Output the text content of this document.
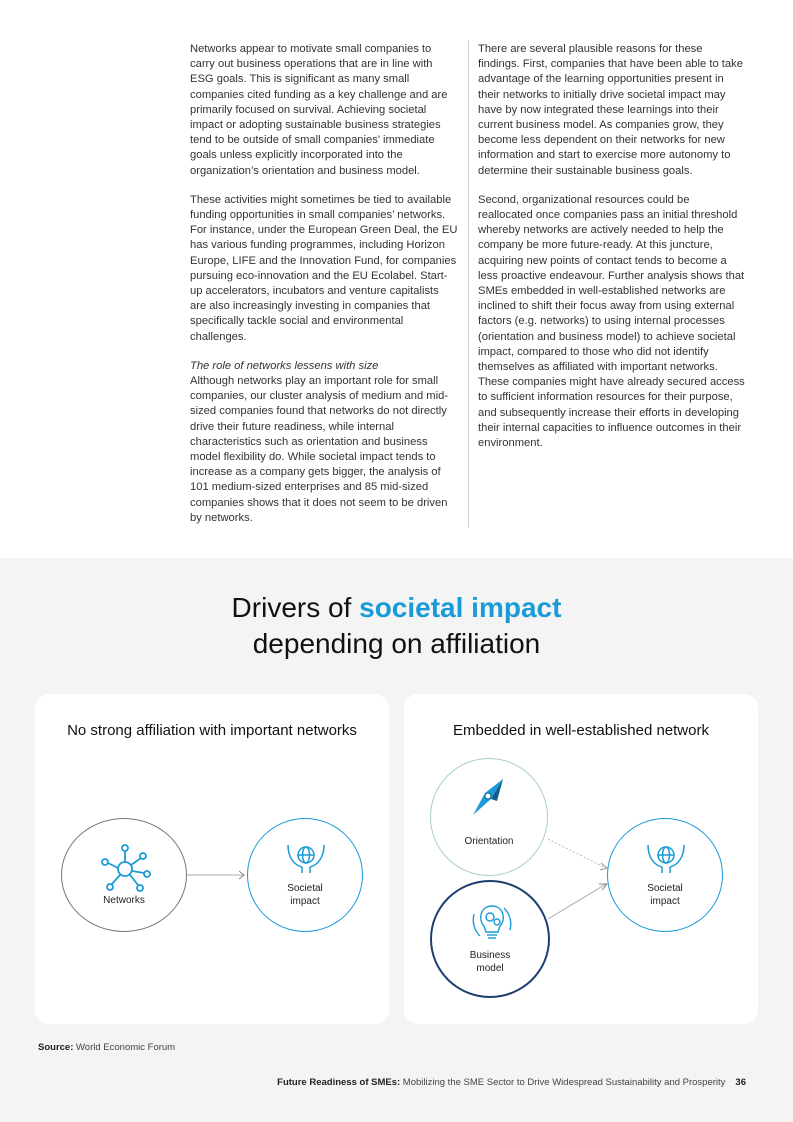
Networks appear to motivate small companies to carry out business operations that are in line with ESG goals. This is significant as many small companies cited funding as a key challenge and are primarily focused on survival. Achieving societal impact or adopting sustainable business strategies tend to be outside of small companies’ immediate goals unless explicitly incorporated into the organization’s orientation and business model.

These activities might sometimes be tied to available funding opportunities in small companies’ networks. For instance, under the European Green Deal, the EU has various funding programmes, including Horizon Europe, LIFE and the Innovation Fund, for companies pursuing eco-innovation and the EU Ecolabel. Start-up accelerators, incubators and venture capitalists are also increasingly investing in companies that specifically tackle social and environmental challenges.

The role of networks lessens with size

Although networks play an important role for small companies, our cluster analysis of medium and mid-sized companies found that networks do not directly drive their future readiness, while internal characteristics such as orientation and business model flexibility do. While societal impact tends to increase as a company gets bigger, the analysis of 101 medium-sized enterprises and 85 mid-sized companies shows that it does not seem to be driven by networks.

There are several plausible reasons for these findings. First, companies that have been able to take advantage of the learning opportunities present in their networks to initially drive societal impact may have by now integrated these learnings into their current business model. As companies grow, they become less dependent on their networks for new information and start to exercise more autonomy to determine their sustainable business goals.

Second, organizational resources could be reallocated once companies pass an initial threshold whereby networks are actively needed to help the company be more future-ready. At this juncture, acquiring new points of contact tends to become a less proactive endeavour. Further analysis shows that SMEs embedded in well-established networks are inclined to shift their focus away from using external factors (e.g. networks) to using internal processes (orientation and business model) to achieve societal impact, compared to those who did not identify themselves as affiliated with important networks. These companies might have already secured access to sufficient information resources for their purpose, and subsequently increase their efforts in developing their internal capacities to influence outcomes in their environment.

Drivers of societal impact
depending on affiliation
No strong affiliation with important networks
Networks
Societal
impact
Embedded in well-established network
Orientation
Business
model
Societal
impact
Source: World Economic Forum
Future Readiness of SMEs: Mobilizing the SME Sector to Drive Widespread Sustainability and Prosperity 36
